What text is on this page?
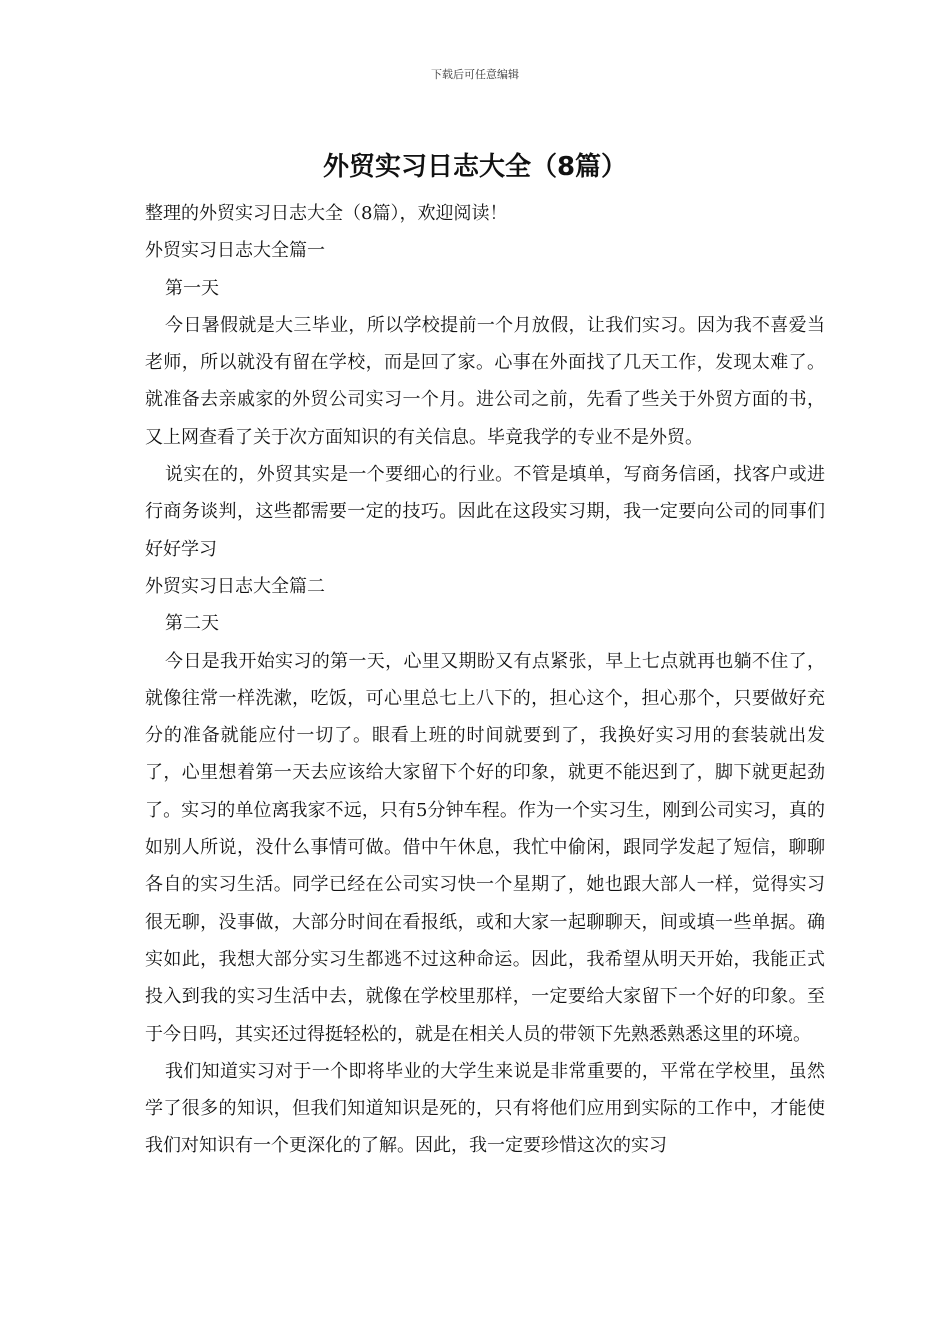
下载后可任意编辑
外贸实习日志大全（8篇）

整理的外贸实习日志大全（8篇），欢迎阅读！

外贸实习日志大全篇一

第一天

今日暑假就是大三毕业，所以学校提前一个月放假，让我们实习。因为我不喜爱当老师，所以就没有留在学校，而是回了家。心事在外面找了几天工作，发现太难了。就准备去亲戚家的外贸公司实习一个月。进公司之前，先看了些关于外贸方面的书，又上网查看了关于次方面知识的有关信息。毕竟我学的专业不是外贸。

说实在的，外贸其实是一个要细心的行业。不管是填单，写商务信函，找客户或进行商务谈判，这些都需要一定的技巧。因此在这段实习期，我一定要向公司的同事们好好学习

外贸实习日志大全篇二

第二天

今日是我开始实习的第一天，心里又期盼又有点紧张，早上七点就再也躺不住了，就像往常一样洗漱，吃饭，可心里总七上八下的，担心这个，担心那个，只要做好充分的准备就能应付一切了。眼看上班的时间就要到了，我换好实习用的套装就出发了，心里想着第一天去应该给大家留下个好的印象，就更不能迟到了，脚下就更起劲了。实习的单位离我家不远，只有5分钟车程。作为一个实习生，刚到公司实习，真的如别人所说，没什么事情可做。借中午休息，我忙中偷闲，跟同学发起了短信，聊聊各自的实习生活。同学已经在公司实习快一个星期了，她也跟大部人一样，觉得实习很无聊，没事做，大部分时间在看报纸，或和大家一起聊聊天，间或填一些单据。确实如此，我想大部分实习生都逃不过这种命运。因此，我希望从明天开始，我能正式投入到我的实习生活中去，就像在学校里那样，一定要给大家留下一个好的印象。至于今日吗，其实还过得挺轻松的，就是在相关人员的带领下先熟悉熟悉这里的环境。

我们知道实习对于一个即将毕业的大学生来说是非常重要的，平常在学校里，虽然学了很多的知识，但我们知道知识是死的，只有将他们应用到实际的工作中，才能使我们对知识有一个更深化的了解。因此，我一定要珍惜这次的实习
